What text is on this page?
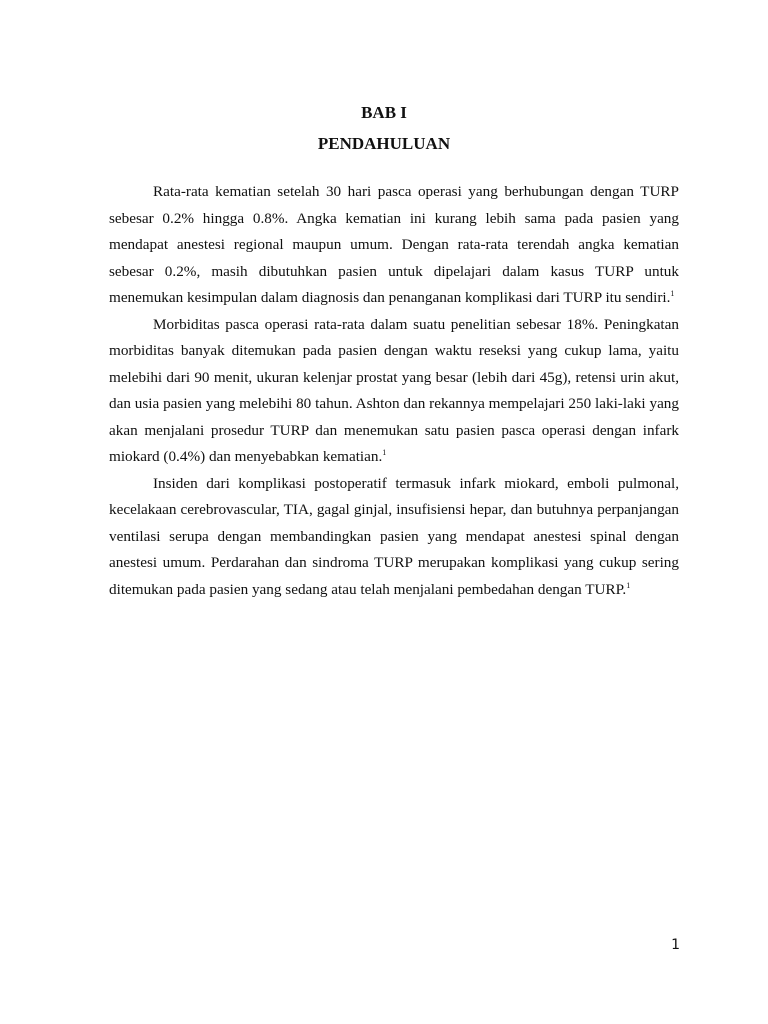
BAB I
PENDAHULUAN

Rata-rata kematian setelah 30 hari pasca operasi yang berhubungan dengan TURP sebesar 0.2% hingga 0.8%. Angka kematian ini kurang lebih sama pada pasien yang mendapat anestesi regional maupun umum. Dengan rata-rata terendah angka kematian sebesar 0.2%, masih dibutuhkan pasien untuk dipelajari dalam kasus TURP untuk menemukan kesimpulan dalam diagnosis dan penanganan komplikasi dari TURP itu sendiri.$^1$

Morbiditas pasca operasi rata-rata dalam suatu penelitian sebesar 18%. Peningkatan morbiditas banyak ditemukan pada pasien dengan waktu reseksi yang cukup lama, yaitu melebihi dari 90 menit, ukuran kelenjar prostat yang besar (lebih dari 45g), retensi urin akut, dan usia pasien yang melebihi 80 tahun. Ashton dan rekannya mempelajari 250 laki-laki yang akan menjalani prosedur TURP dan menemukan satu pasien pasca operasi dengan infark miokard (0.4%) dan menyebabkan kematian.$^1$

Insiden dari komplikasi postoperatif termasuk infark miokard, emboli pulmonal, kecelakaan cerebrovascular, TIA, gagal ginjal, insufisiensi hepar, dan butuhnya perpanjangan ventilasi serupa dengan membandingkan pasien yang mendapat anestesi spinal dengan anestesi umum. Perdarahan dan sindroma TURP merupakan komplikasi yang cukup sering ditemukan pada pasien yang sedang atau telah menjalani pembedahan dengan TURP.$^1$

1
